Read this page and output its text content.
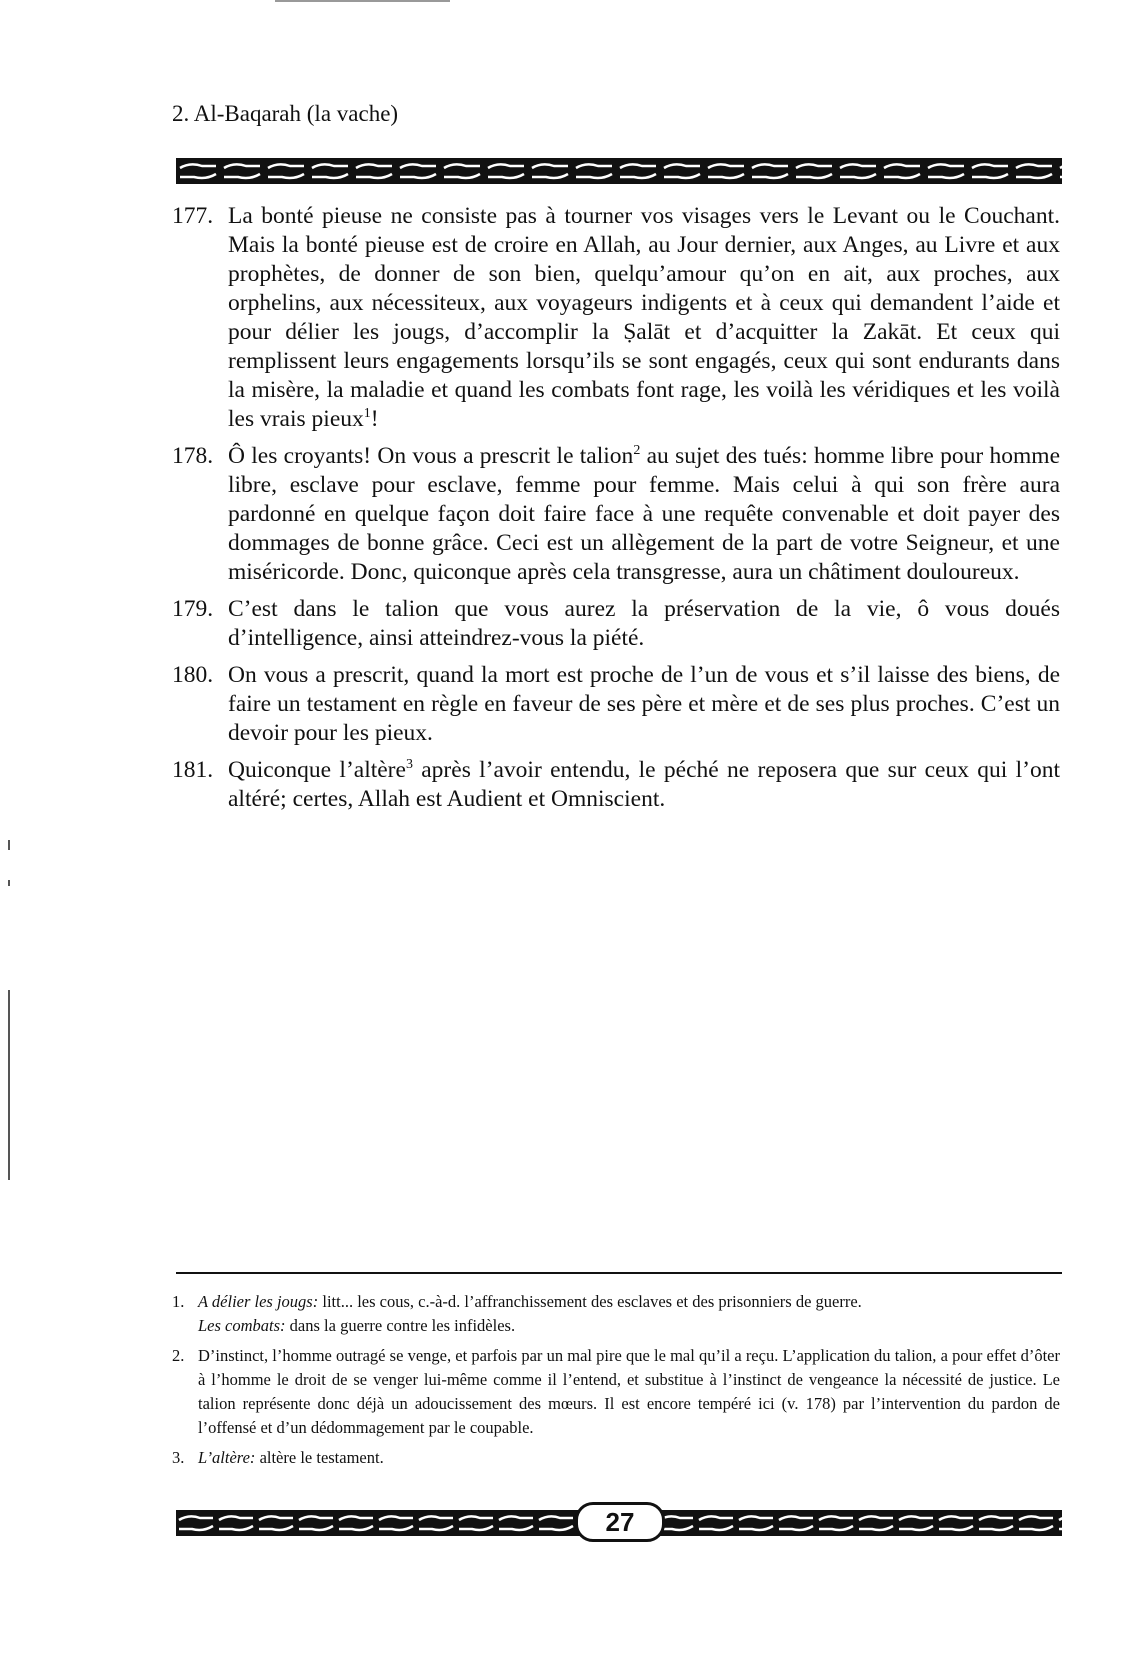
2. Al-Baqarah (la vache)
177. La bonté pieuse ne consiste pas à tourner vos visages vers le Levant ou le Couchant. Mais la bonté pieuse est de croire en Allah, au Jour dernier, aux Anges, au Livre et aux prophètes, de donner de son bien, quelqu’amour qu’on en ait, aux proches, aux orphelins, aux nécessiteux, aux voyageurs indigents et à ceux qui demandent l’aide et pour délier les jougs, d’accomplir la Ṣalāt et d’acquitter la Zakāt. Et ceux qui remplissent leurs engagements lorsqu’ils se sont engagés, ceux qui sont endurants dans la misère, la maladie et quand les combats font rage, les voilà les véridiques et les voilà les vrais pieux$^1$!

178. Ô les croyants! On vous a prescrit le talion$^2$ au sujet des tués: homme libre pour homme libre, esclave pour esclave, femme pour femme. Mais celui à qui son frère aura pardonné en quelque façon doit faire face à une requête convenable et doit payer des dommages de bonne grâce. Ceci est un allègement de la part de votre Seigneur, et une miséricorde. Donc, quiconque après cela transgresse, aura un châtiment douloureux.

179. C’est dans le talion que vous aurez la préservation de la vie, ô vous doués d’intelligence, ainsi atteindrez-vous la piété.

180. On vous a prescrit, quand la mort est proche de l’un de vous et s’il laisse des biens, de faire un testament en règle en faveur de ses père et mère et de ses plus proches. C’est un devoir pour les pieux.

181. Quiconque l’altère$^3$ après l’avoir entendu, le péché ne reposera que sur ceux qui l’ont altéré; certes, Allah est Audient et Omniscient.

1. A délier les jougs: litt... les cous, c.-à-d. l’affranchissement des esclaves et des prisonniers de guerre.
Les combats: dans la guerre contre les infidèles.

2. D’instinct, l’homme outragé se venge, et parfois par un mal pire que le mal qu’il a reçu. L’application du talion, a pour effet d’ôter à l’homme le droit de se venger lui-même comme il l’entend, et substitue à l’instinct de vengeance la nécessité de justice. Le talion représente donc déjà un adoucissement des mœurs. Il est encore tempéré ici (v. 178) par l’intervention du pardon de l’offensé et d’un dédommagement par le coupable.

3. L’altère: altère le testament.

27
